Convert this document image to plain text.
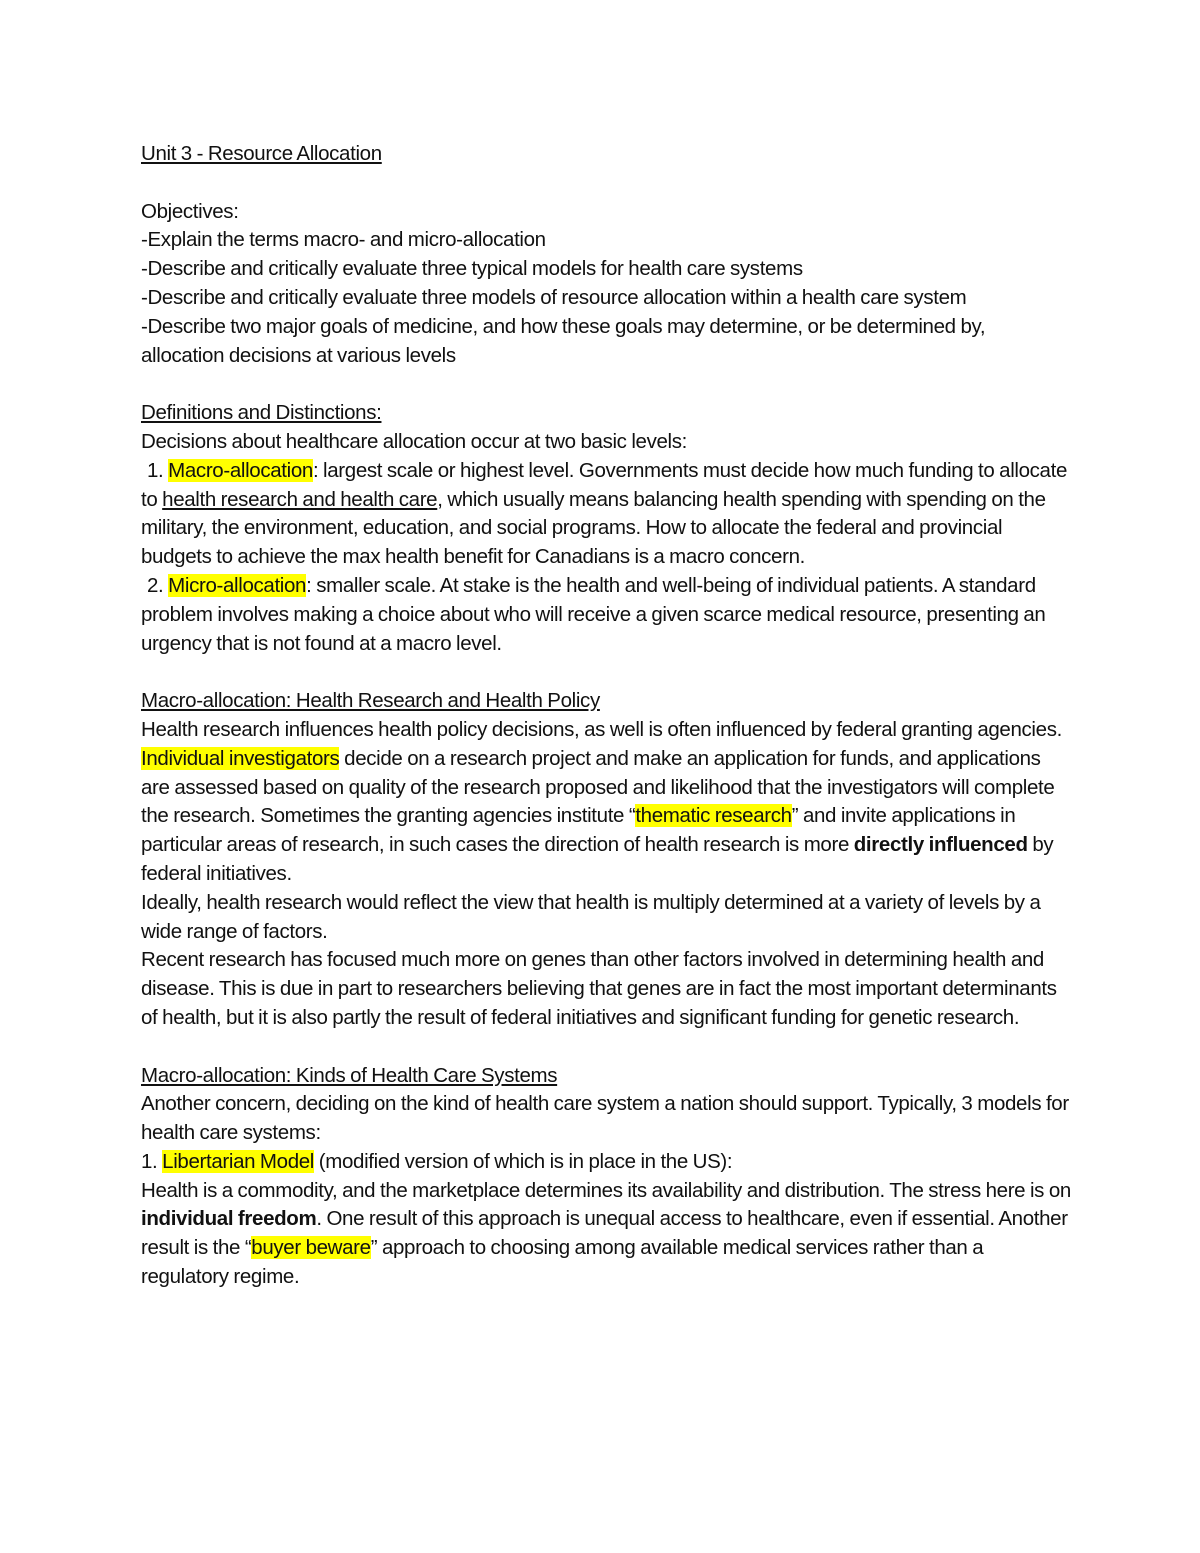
Unit 3 - Resource Allocation

Objectives:

-Explain the terms macro- and micro-allocation

-Describe and critically evaluate three typical models for health care systems

-Describe and critically evaluate three models of resource allocation within a health care system

-Describe two major goals of medicine, and how these goals may determine, or be determined by, allocation decisions at various levels

Definitions and Distinctions:

Decisions about healthcare allocation occur at two basic levels:

1. Macro-allocation: largest scale or highest level. Governments must decide how much funding to allocate to health research and health care, which usually means balancing health spending with spending on the military, the environment, education, and social programs. How to allocate the federal and provincial budgets to achieve the max health benefit for Canadians is a macro concern.

2. Micro-allocation: smaller scale. At stake is the health and well-being of individual patients. A standard problem involves making a choice about who will receive a given scarce medical resource, presenting an urgency that is not found at a macro level.

Macro-allocation: Health Research and Health Policy

Health research influences health policy decisions, as well is often influenced by federal granting agencies.

Individual investigators decide on a research project and make an application for funds, and applications are assessed based on quality of the research proposed and likelihood that the investigators will complete the research. Sometimes the granting agencies institute “thematic research” and invite applications in particular areas of research, in such cases the direction of health research is more directly influenced by federal initiatives.

Ideally, health research would reflect the view that health is multiply determined at a variety of levels by a wide range of factors.

Recent research has focused much more on genes than other factors involved in determining health and disease. This is due in part to researchers believing that genes are in fact the most important determinants of health, but it is also partly the result of federal initiatives and significant funding for genetic research.

Macro-allocation: Kinds of Health Care Systems

Another concern, deciding on the kind of health care system a nation should support. Typically, 3 models for health care systems:

1. Libertarian Model (modified version of which is in place in the US):

Health is a commodity, and the marketplace determines its availability and distribution. The stress here is on individual freedom. One result of this approach is unequal access to healthcare, even if essential. Another result is the “buyer beware” approach to choosing among available medical services rather than a regulatory regime.
